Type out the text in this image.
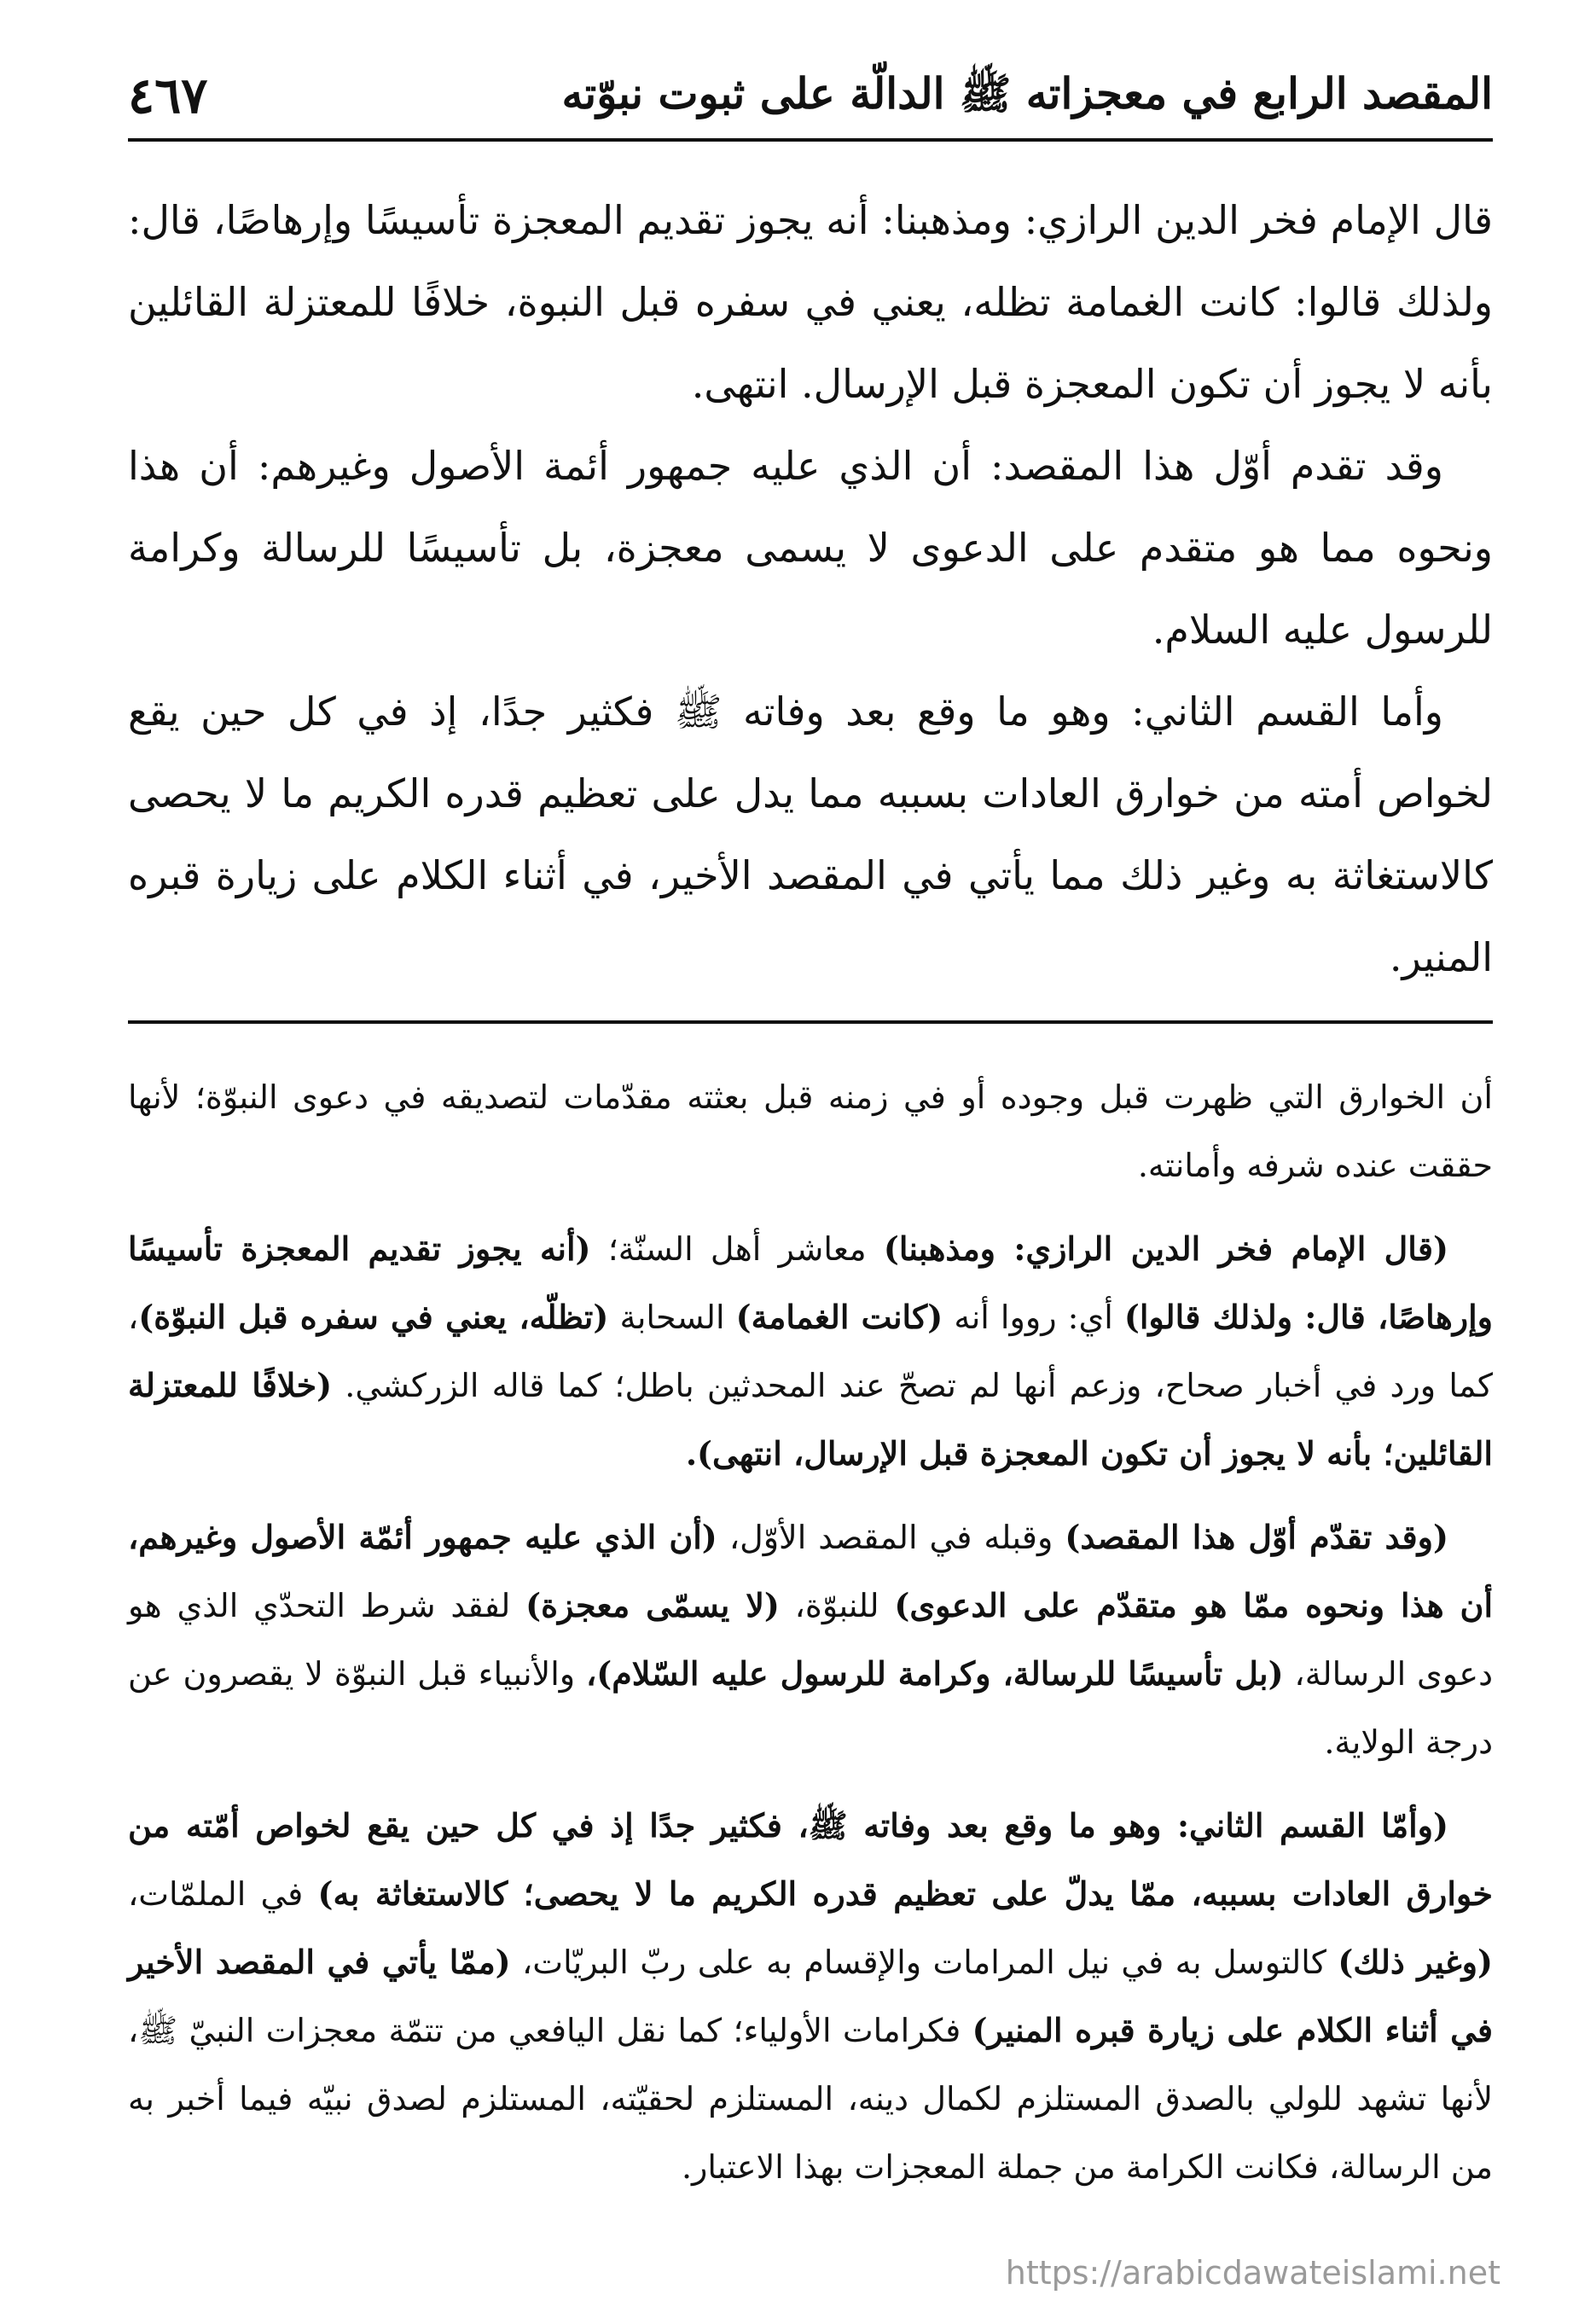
٤٦٧	المقصد الرابع في معجزاته ﷺ الدالّة على ثبوت نبوّته

قال الإمام فخر الدين الرازي: ومذهبنا: أنه يجوز تقديم المعجزة تأسيسًا وإرهاصًا، قال: ولذلك قالوا: كانت الغمامة تظله، يعني في سفره قبل النبوة، خلافًا للمعتزلة القائلين بأنه لا يجوز أن تكون المعجزة قبل الإرسال. انتهى.

وقد تقدم أوّل هذا المقصد: أن الذي عليه جمهور أئمة الأصول وغيرهم: أن هذا ونحوه مما هو متقدم على الدعوى لا يسمى معجزة، بل تأسيسًا للرسالة وكرامة للرسول عليه السلام.

وأما القسم الثاني: وهو ما وقع بعد وفاته ﷺ فكثير جدًا، إذ في كل حين يقع لخواص أمته من خوارق العادات بسببه مما يدل على تعظيم قدره الكريم ما لا يحصى كالاستغاثة به وغير ذلك مما يأتي في المقصد الأخير، في أثناء الكلام على زيارة قبره المنير.

أن الخوارق التي ظهرت قبل وجوده أو في زمنه قبل بعثته مقدّمات لتصديقه في دعوى النبوّة؛ لأنها حققت عنده شرفه وأمانته.

(قال الإمام فخر الدين الرازي: ومذهبنا) معاشر أهل السنّة؛ (أنه يجوز تقديم المعجزة تأسيسًا وإرهاصًا، قال: ولذلك قالوا) أي: رووا أنه (كانت الغمامة) السحابة (تظلّه، يعني في سفره قبل النبوّة)، كما ورد في أخبار صحاح، وزعم أنها لم تصحّ عند المحدثين باطل؛ كما قاله الزركشي. (خلافًا للمعتزلة القائلين؛ بأنه لا يجوز أن تكون المعجزة قبل الإرسال، انتهى).

(وقد تقدّم أوّل هذا المقصد) وقبله في المقصد الأوّل، (أن الذي عليه جمهور أئمّة الأصول وغيرهم، أن هذا ونحوه ممّا هو متقدّم على الدعوى) للنبوّة، (لا يسمّى معجزة) لفقد شرط التحدّي الذي هو دعوى الرسالة، (بل تأسيسًا للرسالة، وكرامة للرسول عليه السّلام)، والأنبياء قبل النبوّة لا يقصرون عن درجة الولاية.

(وأمّا القسم الثاني: وهو ما وقع بعد وفاته ﷺ، فكثير جدًا إذ في كل حين يقع لخواص أمّته من خوارق العادات بسببه، ممّا يدلّ على تعظيم قدره الكريم ما لا يحصى؛ كالاستغاثة به) في الملمّات، (وغير ذلك) كالتوسل به في نيل المرامات والإقسام به على ربّ البريّات، (ممّا يأتي في المقصد الأخير في أثناء الكلام على زيارة قبره المنير) فكرامات الأولياء؛ كما نقل اليافعي من تتمّة معجزات النبيّ ﷺ، لأنها تشهد للولي بالصدق المستلزم لكمال دينه، المستلزم لحقيّته، المستلزم لصدق نبيّه فيما أخبر به من الرسالة، فكانت الكرامة من جملة المعجزات بهذا الاعتبار.

https://arabicdawateislami.net
